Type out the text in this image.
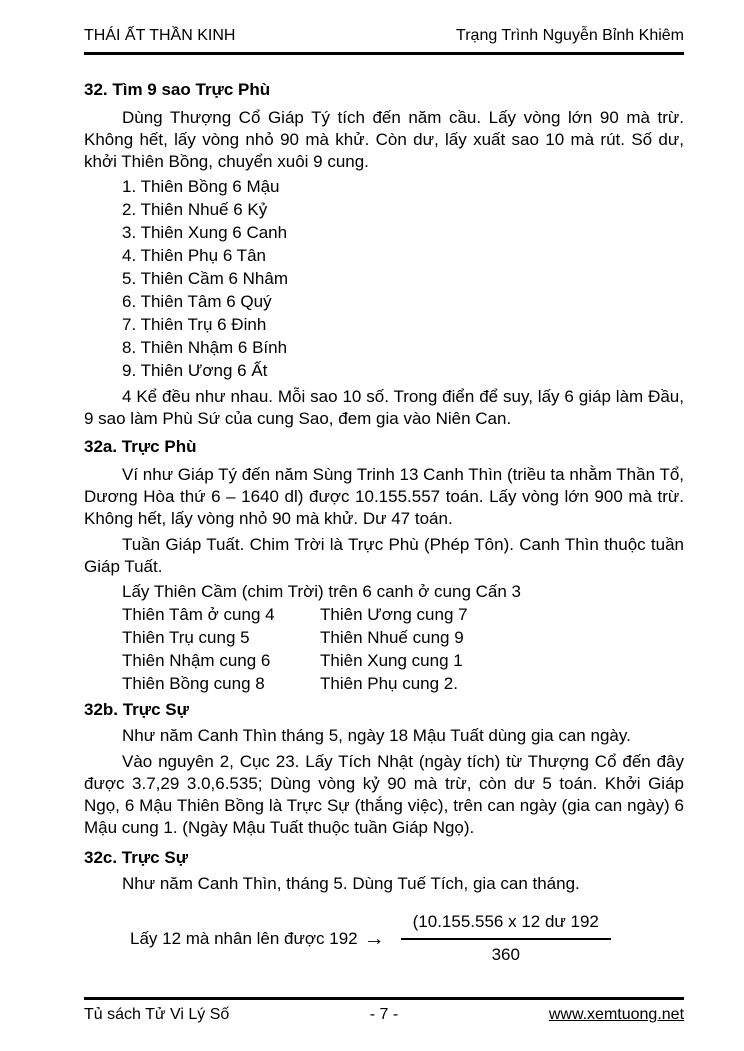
THÁI ẤT THẦN KINH	Trạng Trình Nguyễn Bỉnh Khiêm
32. Tìm 9 sao Trực Phù

Dùng Thượng Cổ Giáp Tý tích đến năm cầu. Lấy vòng lớn 90 mà trừ. Không hết, lấy vòng nhỏ 90 mà khử. Còn dư, lấy xuất sao 10 mà rút. Số dư, khởi Thiên Bồng, chuyển xuôi 9 cung.

1. Thiên Bồng 6 Mậu
2. Thiên Nhuế 6 Kỷ
3. Thiên Xung 6 Canh
4. Thiên Phụ 6 Tân
5. Thiên Cầm 6 Nhâm
6. Thiên Tâm 6 Quý
7. Thiên Trụ 6 Đinh
8. Thiên Nhậm 6 Bính
9. Thiên Ương 6 Ất

4 Kể đều như nhau. Mỗi sao 10 số. Trong điển để suy, lấy 6 giáp làm Đầu, 9 sao làm Phù Sứ của cung Sao, đem gia vào Niên Can.

32a. Trực Phù

Ví như Giáp Tý đến năm Sùng Trinh 13 Canh Thìn (triều ta nhằm Thần Tổ, Dương Hòa thứ 6 – 1640 dl) được 10.155.557 toán. Lấy vòng lớn 900 mà trừ. Không hết, lấy vòng nhỏ 90 mà khử. Dư 47 toán.

Tuần Giáp Tuất. Chim Trời là Trực Phù (Phép Tôn). Canh Thìn thuộc tuần Giáp Tuất.

Lấy Thiên Cầm (chim Trời) trên 6 canh ở cung Cấn 3
Thiên Tâm ở cung 4	Thiên Ương cung 7
Thiên Trụ cung 5	Thiên Nhuế cung 9
Thiên Nhậm cung 6	Thiên Xung cung 1
Thiên Bồng cung 8	Thiên Phụ cung 2.
32b. Trực Sự

Như năm Canh Thìn tháng 5, ngày 18 Mậu Tuất dùng gia can ngày.

Vào nguyên 2, Cục 23. Lấy Tích Nhật (ngày tích) từ Thượng Cổ đến đây được 3.7,29 3.0,6.535; Dùng vòng kỷ 90 mà trừ, còn dư 5 toán. Khởi Giáp Ngọ, 6 Mậu Thiên Bồng là Trực Sự (thắng việc), trên can ngày (gia can ngày) 6 Mậu cung 1. (Ngày Mậu Tuất thuộc tuần Giáp Ngọ).

32c. Trực Sự

Như năm Canh Thìn, tháng 5. Dùng Tuế Tích, gia can tháng.

Lấy 12 mà nhân lên được $192 \to \frac{(10.155.556 x 12 dư 192}{360}$
Tủ sách Tử Vi Lý Số	- 7 -	www.xemtuong.net
